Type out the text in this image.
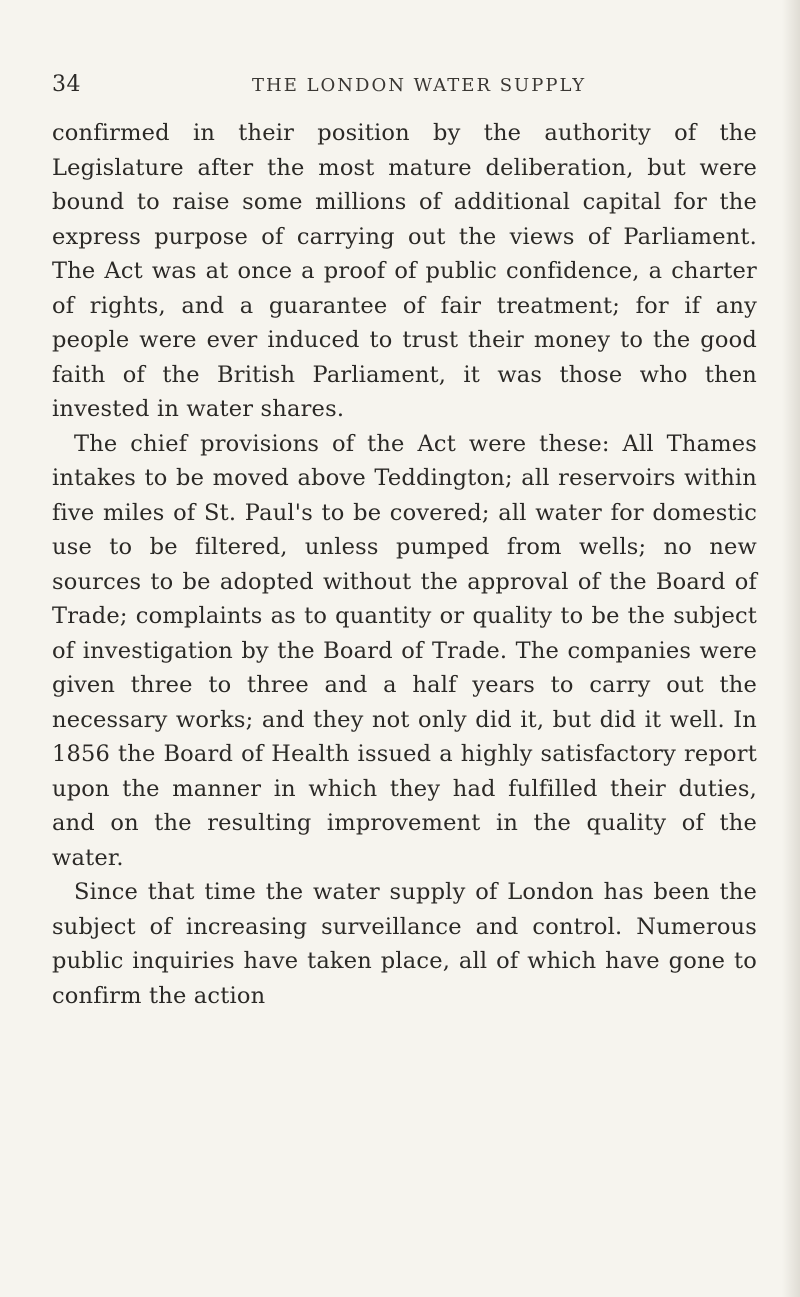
34	THE LONDON WATER SUPPLY

confirmed in their position by the authority of the Legislature after the most mature deliberation, but were bound to raise some millions of additional capital for the express purpose of carrying out the views of Parliament. The Act was at once a proof of public confidence, a charter of rights, and a guarantee of fair treatment; for if any people were ever induced to trust their money to the good faith of the British Parliament, it was those who then invested in water shares.

The chief provisions of the Act were these: All Thames intakes to be moved above Teddington; all reservoirs within five miles of St. Paul's to be covered; all water for domestic use to be filtered, unless pumped from wells; no new sources to be adopted without the approval of the Board of Trade; complaints as to quantity or quality to be the subject of investigation by the Board of Trade. The companies were given three to three and a half years to carry out the necessary works; and they not only did it, but did it well. In 1856 the Board of Health issued a highly satisfactory report upon the manner in which they had fulfilled their duties, and on the resulting improvement in the quality of the water.

Since that time the water supply of London has been the subject of increasing surveillance and control. Numerous public inquiries have taken place, all of which have gone to confirm the action
